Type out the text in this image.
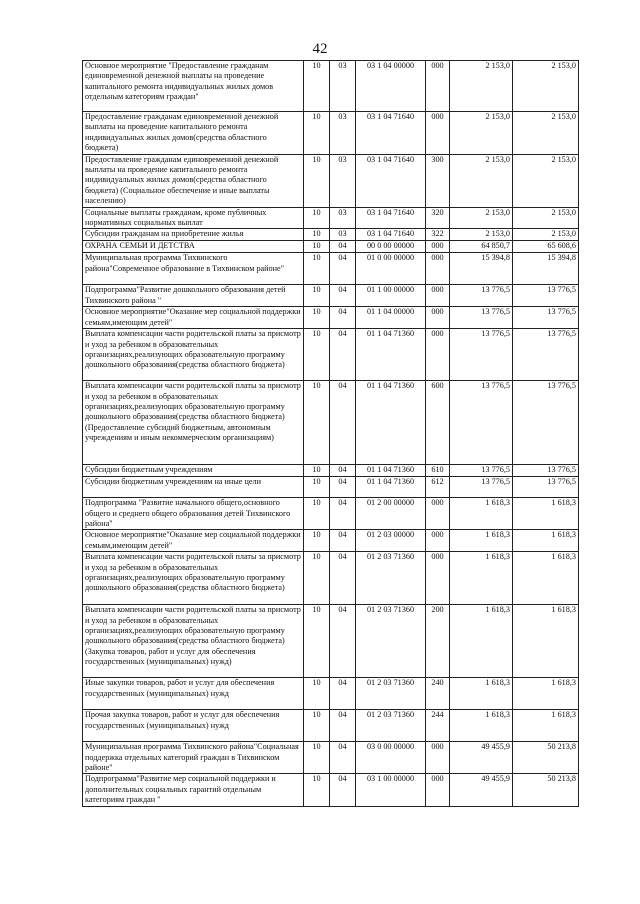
42
Основное мероприятие "Предоставление гражданам единовременной денежной выплаты на проведение капитального ремонта индивидуальных жилых домов отдельным категориям граждан"	10	03	03 1 04 00000	000	2 153,0	2 153,0
Предоставление гражданам единовременной денежной выплаты на проведение капитального ремонта индивидуальных жилых домов(средства областного бюджета)	10	03	03 1 04 71640	000	2 153,0	2 153,0
Предоставление гражданам единовременной денежной выплаты на проведение капитального ремонта индивидуальных жилых домов(средства областного бюджета) (Социальное обеспечение и иные выплаты населению)	10	03	03 1 04 71640	300	2 153,0	2 153,0
Социальные выплаты гражданам, кроме публичных нормативных социальных выплат	10	03	03 1 04 71640	320	2 153,0	2 153,0
Субсидии гражданам на приобретение жилья	10	03	03 1 04 71640	322	2 153,0	2 153,0
ОХРАНА СЕМЬИ И ДЕТСТВА	10	04	00 0 00 00000	000	64 850,7	65 608,6
Муниципальная программа Тихвинского района"Современное образование в Тихвинском районе"	10	04	01 0 00 00000	000	15 394,8	15 394,8
Подпрограмма"Развитие дошкольного образования детей Тихвинского района "	10	04	01 1 00 00000	000	13 776,5	13 776,5
Основное мероприятие"Оказание мер социальной поддержки семьям,имеющим детей"	10	04	01 1 04 00000	000	13 776,5	13 776,5
Выплата компенсации части родительской платы за присмотр и уход за ребенком в образовательных организациях,реализующих образовательную программу дошкольного образования(средства областного бюджета)	10	04	01 1 04 71360	000	13 776,5	13 776,5
Выплата компенсации части родительской платы за присмотр и уход за ребенком в образовательных организациях,реализующих образовательную программу дошкольного образования(средства областного бюджета) (Предоставление субсидий бюджетным, автономным учреждениям и иным некоммерческим организациям)	10	04	01 1 04 71360	600	13 776,5	13 776,5
Субсидии бюджетным учреждениям	10	04	01 1 04 71360	610	13 776,5	13 776,5
Субсидии бюджетным учреждениям на иные цели	10	04	01 1 04 71360	612	13 776,5	13 776,5
Подпрограмма "Развитие начального общего,основного общего и среднего общего образования детей Тихвинского района"	10	04	01 2 00 00000	000	1 618,3	1 618,3
Основное мероприятие"Оказание мер социальной поддержки семьям,имеющим детей"	10	04	01 2 03 00000	000	1 618,3	1 618,3
Выплата компенсации части родительской платы за присмотр и уход за ребенком в образовательных организациях,реализующих образовательную программу дошкольного образования(средства областного бюджета)	10	04	01 2 03 71360	000	1 618,3	1 618,3
Выплата компенсации части родительской платы за присмотр и уход за ребенком в образовательных организациях,реализующих образовательную программу дошкольного образования(средства областного бюджета) (Закупка товаров, работ и услуг для обеспечения государственных (муниципальных) нужд)	10	04	01 2 03 71360	200	1 618,3	1 618,3
Иные закупки товаров, работ и услуг для обеспечения государственных (муниципальных) нужд	10	04	01 2 03 71360	240	1 618,3	1 618,3
Прочая закупка товаров, работ и услуг для обеспечения государственных (муниципальных) нужд	10	04	01 2 03 71360	244	1 618,3	1 618,3
Муниципальная программа Тихвинского района"Социальная поддержка отдельных категорий граждан в Тихвинском районе"	10	04	03 0 00 00000	000	49 455,9	50 213,8
Подпрограмма"Развитие мер социальной поддержки и дополнительных социальных гарантий отдельным категориям граждан "	10	04	03 1 00 00000	000	49 455,9	50 213,8
